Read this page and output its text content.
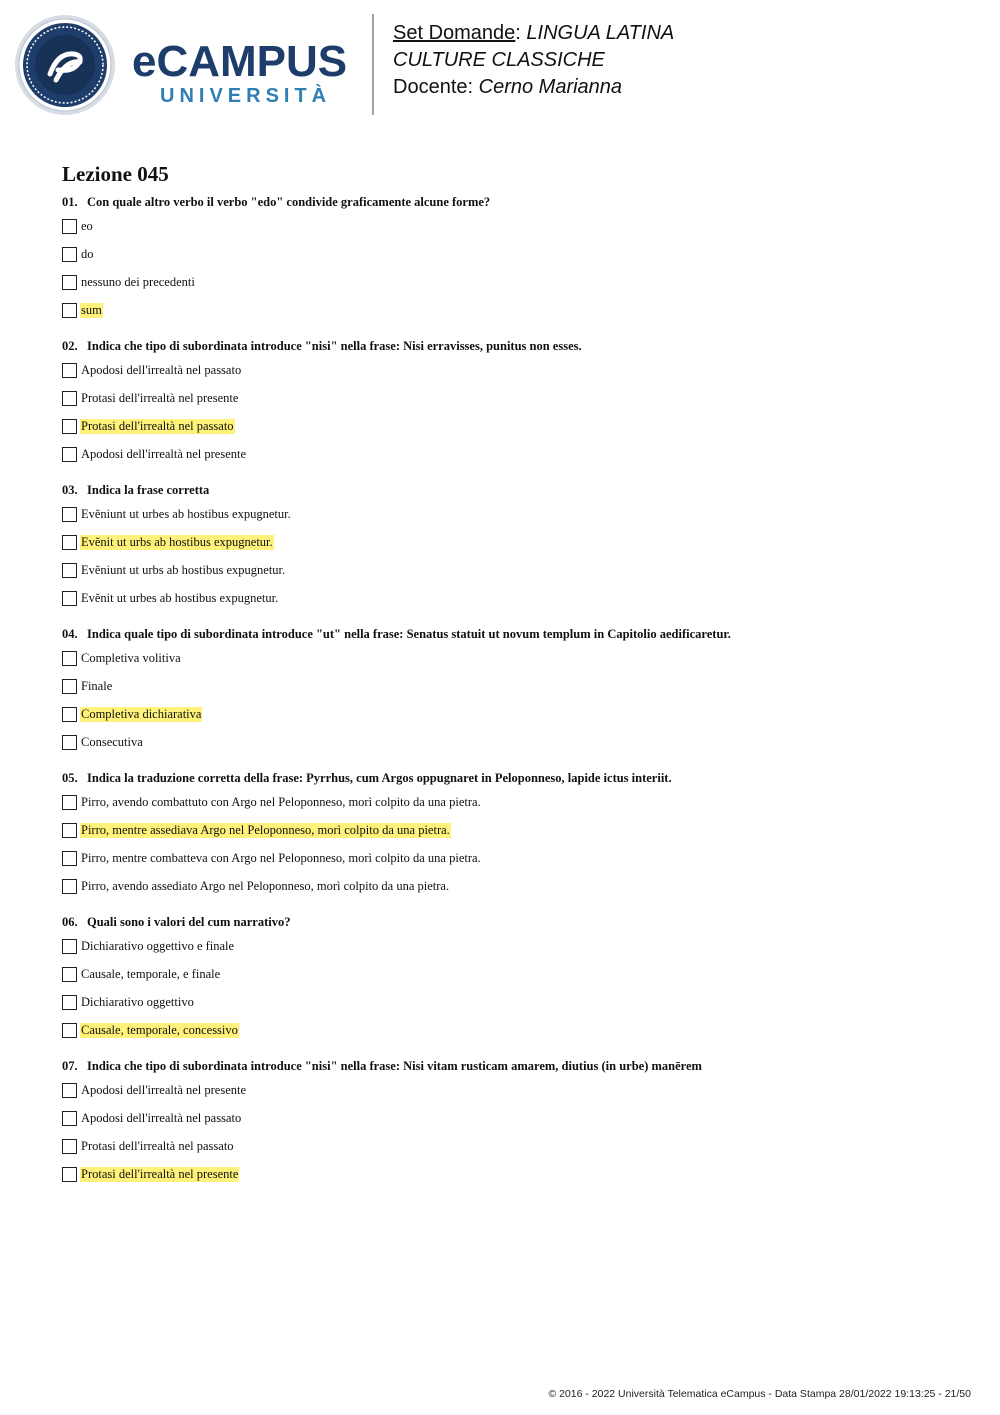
eCAMPUS
UNIVERSITÀ
Set Domande: LINGUA LATINA
CULTURE CLASSICHE
Docente: Cerno Marianna
Lezione 045
01. Con quale altro verbo il verbo "edo" condivide graficamente alcune forme?
eo
do
nessuno dei precedenti
sum
02. Indica che tipo di subordinata introduce "nisi" nella frase: Nisi erravisses, punitus non esses.
Apodosi dell'irrealtà nel passato
Protasi dell'irrealtà nel presente
Protasi dell'irrealtà nel passato
Apodosi dell'irrealtà nel presente
03. Indica la frase corretta
Evĕniunt ut urbes ab hostibus expugnetur.
Evĕnit ut urbs ab hostibus expugnetur.
Evĕniunt ut urbs ab hostibus expugnetur.
Evĕnit ut urbes ab hostibus expugnetur.
04. Indica quale tipo di subordinata introduce "ut" nella frase: Senatus statuit ut novum templum in Capitolio aedificaretur.
Completiva volitiva
Finale
Completiva dichiarativa
Consecutiva
05. Indica la traduzione corretta della frase: Pyrrhus, cum Argos oppugnaret in Peloponneso, lapide ictus interiit.
Pirro, avendo combattuto con Argo nel Peloponneso, morì colpito da una pietra.
Pirro, mentre assediava Argo nel Peloponneso, morì colpito da una pietra.
Pirro, mentre combatteva con Argo nel Peloponneso, morì colpito da una pietra.
Pirro, avendo assediato Argo nel Peloponneso, morì colpito da una pietra.
06. Quali sono i valori del cum narrativo?
Dichiarativo oggettivo e finale
Causale, temporale, e finale
Dichiarativo oggettivo
Causale, temporale, concessivo
07. Indica che tipo di subordinata introduce "nisi" nella frase: Nisi vitam rusticam amarem, diutius (in urbe) manērem
Apodosi dell'irrealtà nel presente
Apodosi dell'irrealtà nel passato
Protasi dell'irrealtà nel passato
Protasi dell'irrealtà nel presente
© 2016 - 2022 Università Telematica eCampus - Data Stampa 28/01/2022 19:13:25 - 21/50
